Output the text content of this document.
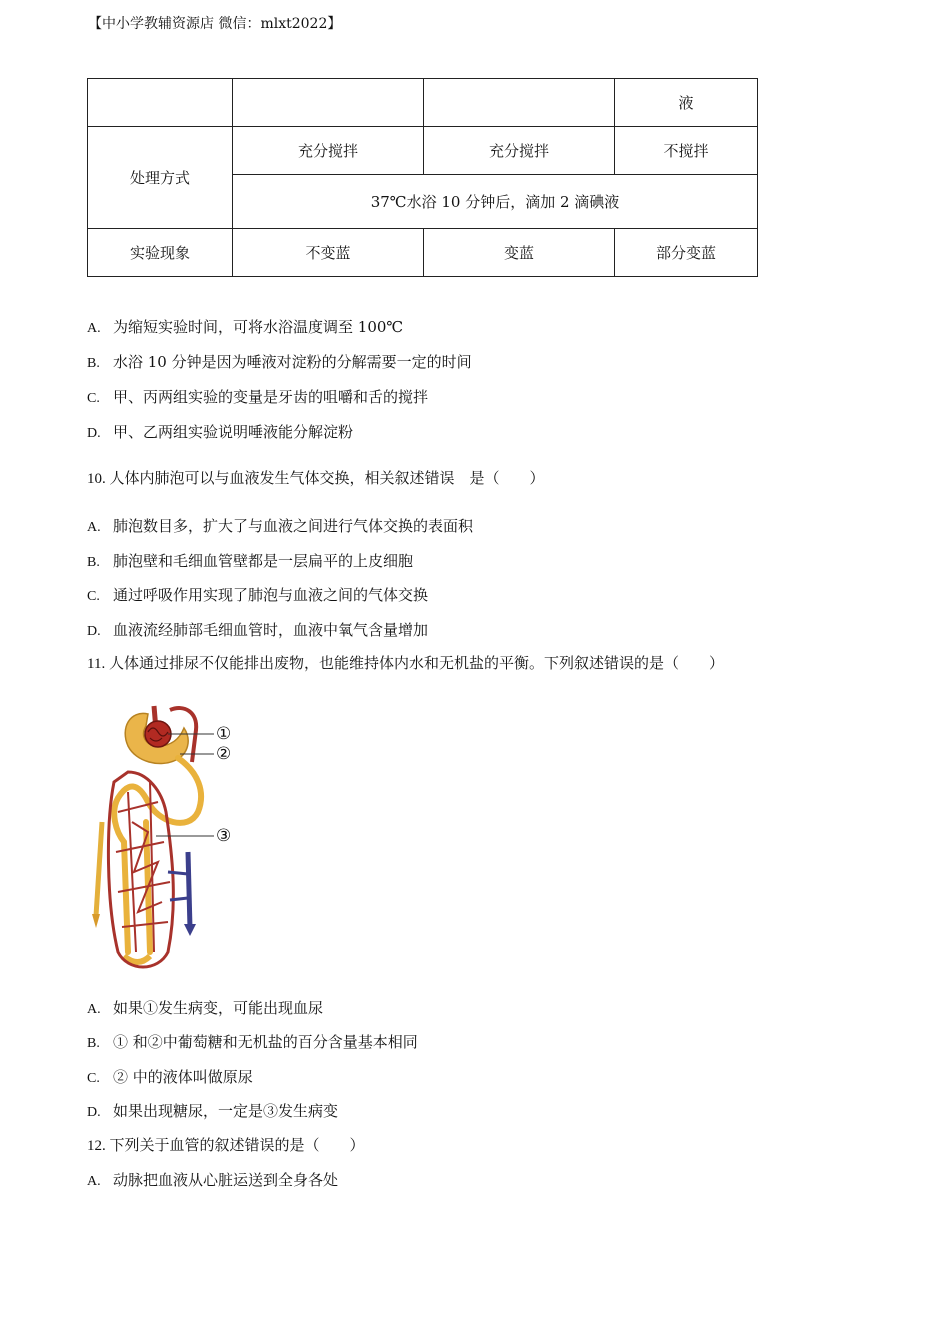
【中小学教辅资源店 微信：mlxt2022】
			液
处理方式	充分搅拌	充分搅拌	不搅拌
	37℃水浴 10 分钟后，滴加 2 滴碘液		
实验现象	不变蓝	变蓝	部分变蓝
A. 为缩短实验时间，可将水浴温度调至 100℃
B. 水浴 10 分钟是因为唾液对淀粉的分解需要一定的时间
C. 甲、丙两组实验的变量是牙齿的咀嚼和舌的搅拌
D. 甲、乙两组实验说明唾液能分解淀粉
10. 人体内肺泡可以与血液发生气体交换，相关叙述错误　是（　　）
A. 肺泡数目多，扩大了与血液之间进行气体交换的表面积
B. 肺泡壁和毛细血管壁都是一层扁平的上皮细胞
C. 通过呼吸作用实现了肺泡与血液之间的气体交换
D. 血液流经肺部毛细血管时，血液中氧气含量增加
11. 人体通过排尿不仅能排出废物，也能维持体内水和无机盐的平衡。下列叙述错误的是（　　）
①
②
③
A. 如果①发生病变，可能出现血尿
B. ① 和②中葡萄糖和无机盐的百分含量基本相同
C. ② 中的液体叫做原尿
D. 如果出现糖尿，一定是③发生病变
12. 下列关于血管的叙述错误的是（　　）
A. 动脉把血液从心脏运送到全身各处
